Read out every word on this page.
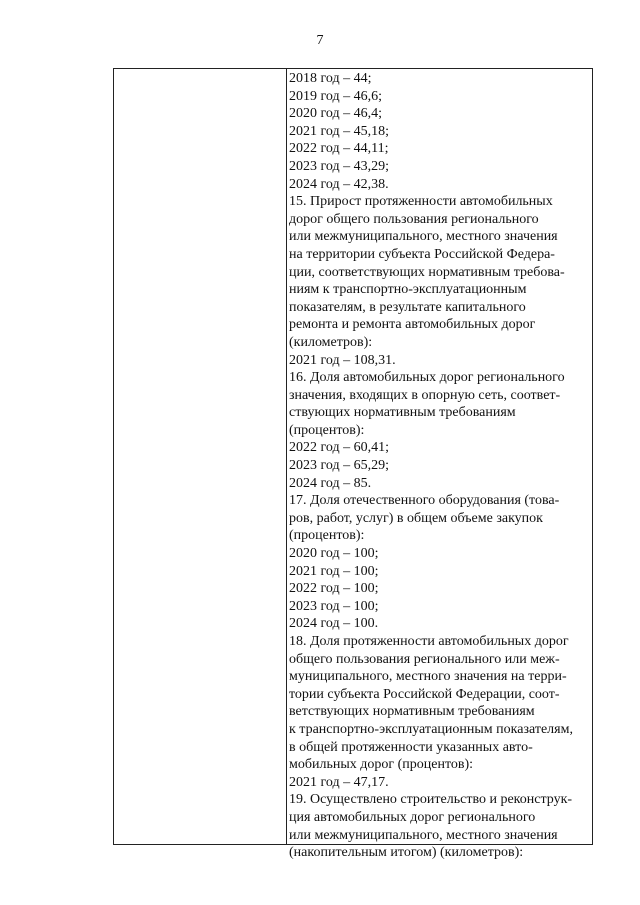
7
2018 год – 44;
2019 год – 46,6;
2020 год – 46,4;
2021 год – 45,18;
2022 год – 44,11;
2023 год – 43,29;
2024 год – 42,38.
15. Прирост протяженности автомобильных
дорог общего пользования регионального
или межмуниципального, местного значения
на территории субъекта Российской Федера-
ции, соответствующих нормативным требова-
ниям к транспортно-эксплуатационным
показателям, в результате капитального
ремонта и ремонта автомобильных дорог
(километров):
2021 год – 108,31.
16. Доля автомобильных дорог регионального
значения, входящих в опорную сеть, соответ-
ствующих нормативным требованиям
(процентов):
2022 год – 60,41;
2023 год – 65,29;
2024 год – 85.
17. Доля отечественного оборудования (това-
ров, работ, услуг) в общем объеме закупок
(процентов):
2020 год – 100;
2021 год – 100;
2022 год – 100;
2023 год – 100;
2024 год – 100.
18. Доля протяженности автомобильных дорог
общего пользования регионального или меж-
муниципального, местного значения на терри-
тории субъекта Российской Федерации, соот-
ветствующих нормативным требованиям
к транспортно-эксплуатационным показателям,
в общей протяженности указанных авто-
мобильных дорог (процентов):
2021 год – 47,17.
19. Осуществлено строительство и реконструк-
ция автомобильных дорог регионального
или межмуниципального, местного значения
(накопительным итогом) (километров):
